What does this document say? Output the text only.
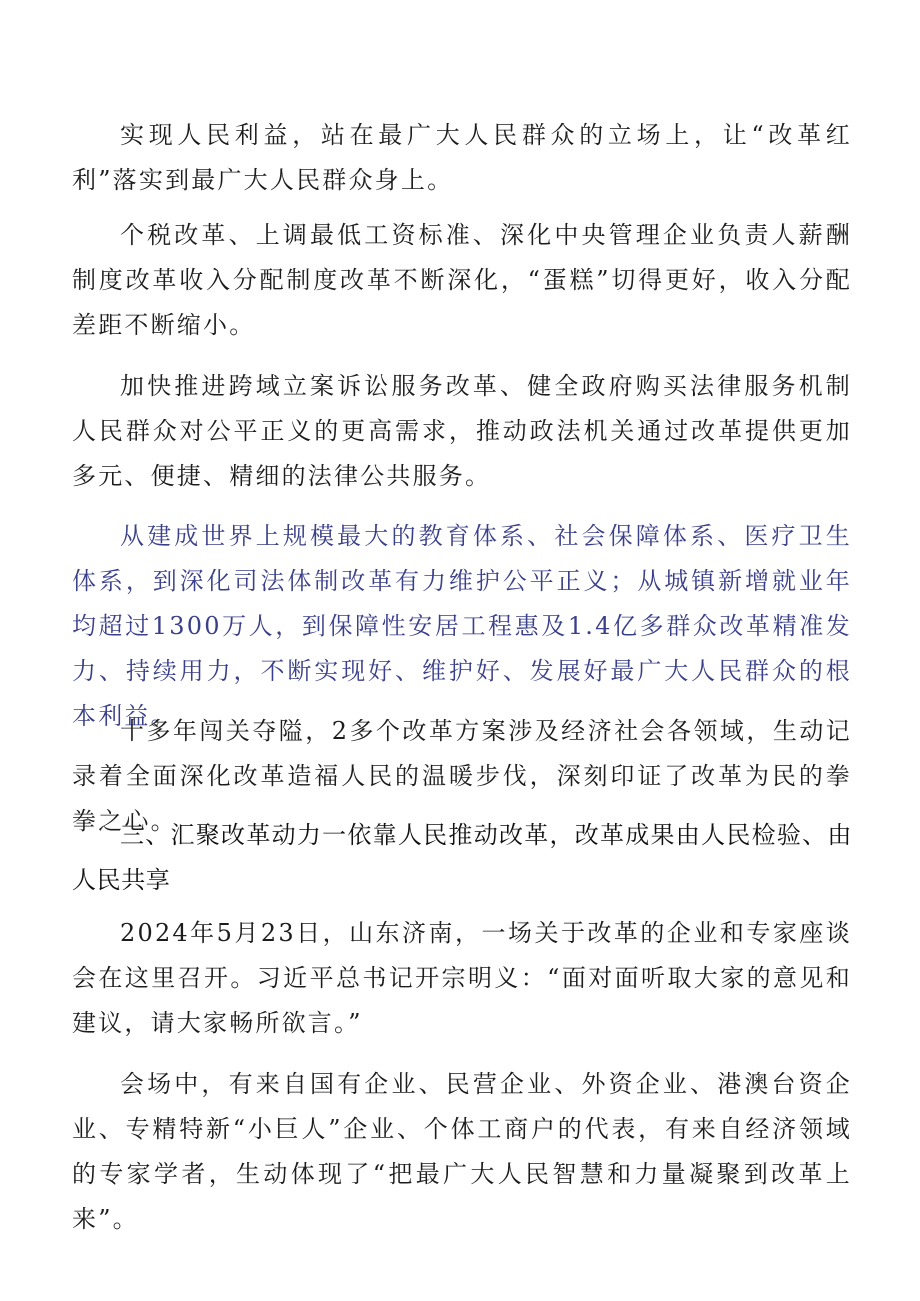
实现人民利益，站在最广大人民群众的立场上，让“改革红利”落实到最广大人民群众身上。

个税改革、上调最低工资标准、深化中央管理企业负责人薪酬制度改革收入分配制度改革不断深化，“蛋糕”切得更好，收入分配差距不断缩小。

加快推进跨域立案诉讼服务改革、健全政府购买法律服务机制人民群众对公平正义的更高需求，推动政法机关通过改革提供更加多元、便捷、精细的法律公共服务。

从建成世界上规模最大的教育体系、社会保障体系、医疗卫生体系，到深化司法体制改革有力维护公平正义；从城镇新增就业年均超过1300万人，到保障性安居工程惠及1.4亿多群众改革精准发力、持续用力，不断实现好、维护好、发展好最广大人民群众的根本利益。

十多年闯关夺隘，2多个改革方案涉及经济社会各领域，生动记录着全面深化改革造福人民的温暖步伐，深刻印证了改革为民的拳拳之心。

三、汇聚改革动力一依靠人民推动改革，改革成果由人民检验、由人民共享

2024年5月23日，山东济南，一场关于改革的企业和专家座谈会在这里召开。习近平总书记开宗明义：“面对面听取大家的意见和建议，请大家畅所欲言。”

会场中，有来自国有企业、民营企业、外资企业、港澳台资企业、专精特新“小巨人”企业、个体工商户的代表，有来自经济领域的专家学者，生动体现了“把最广大人民智慧和力量凝聚到改革上来”。
